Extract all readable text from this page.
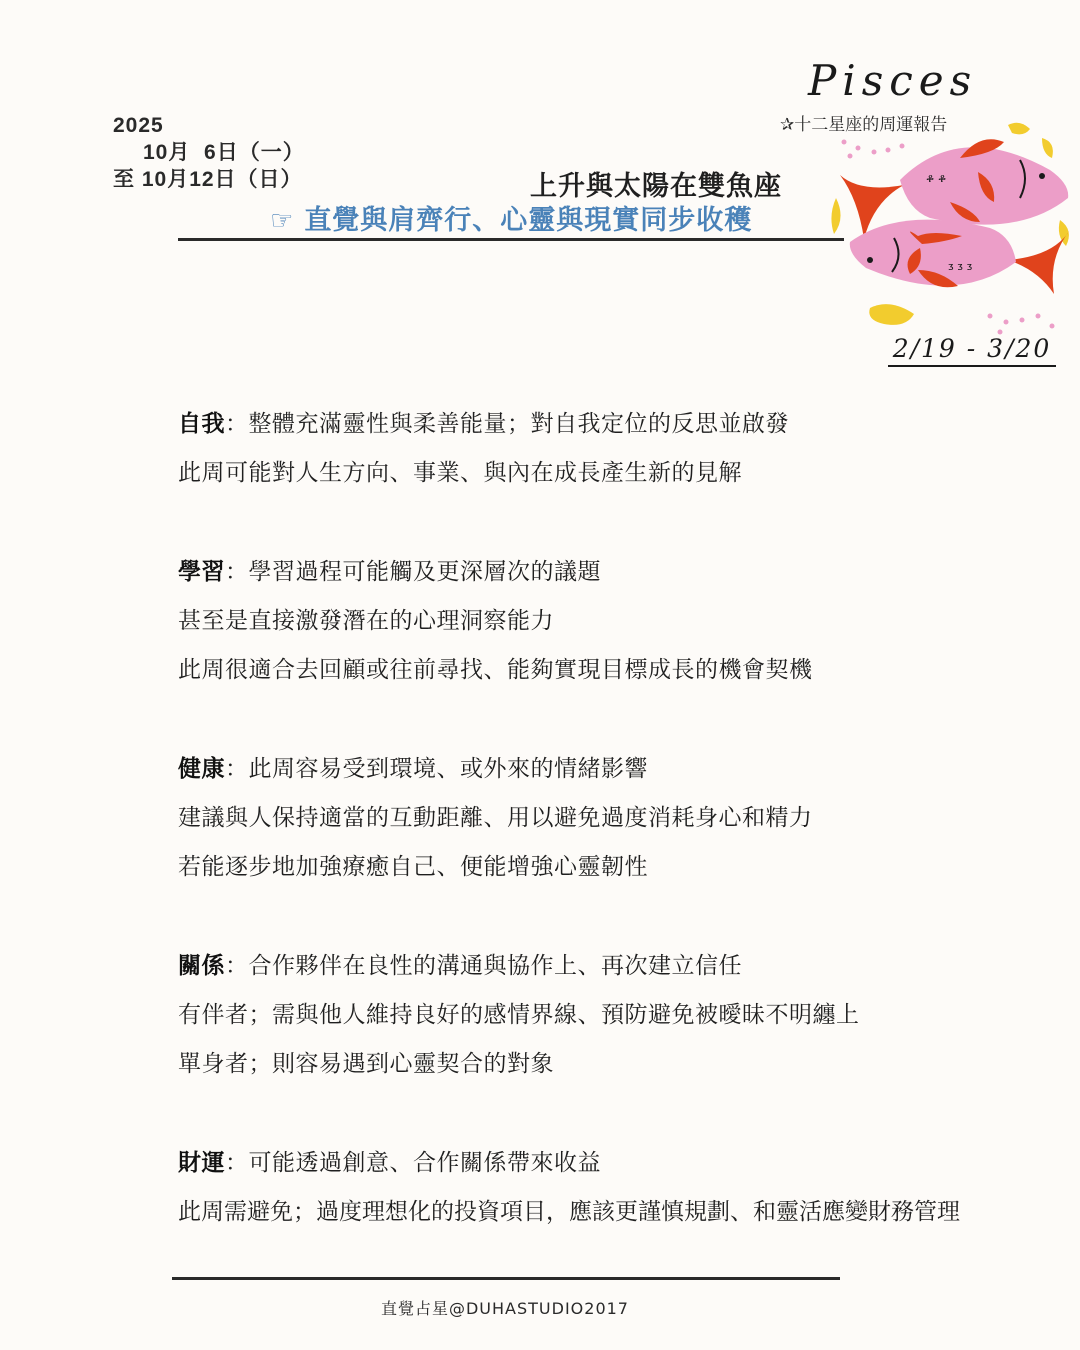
2025
10月  6日（一）
至 10月12日（日）	上升與太陽在雙魚座
☞ 直覺與肩齊行、心靈與現實同步收穫
Pisces
✰十二星座的周運報告
ቆ ቆ
ᴣ ᴣ ᴣ
2/19 - 3/20
自我：整體充滿靈性與柔善能量；對自我定位的反思並啟發
此周可能對人生方向、事業、與內在成長產生新的見解
學習：學習過程可能觸及更深層次的議題
甚至是直接激發潛在的心理洞察能力
此周很適合去回顧或往前尋找、能夠實現目標成長的機會契機
健康：此周容易受到環境、或外來的情緒影響
建議與人保持適當的互動距離、用以避免過度消耗身心和精力
若能逐步地加強療癒自己、便能增強心靈韌性
關係：合作夥伴在良性的溝通與協作上、再次建立信任
有伴者；需與他人維持良好的感情界線、預防避免被曖昧不明纏上
單身者；則容易遇到心靈契合的對象
財運：可能透過創意、合作關係帶來收益
此周需避免；過度理想化的投資項目，應該更謹慎規劃、和靈活應變財務管理
直覺占星@DUHASTUDIO2017
